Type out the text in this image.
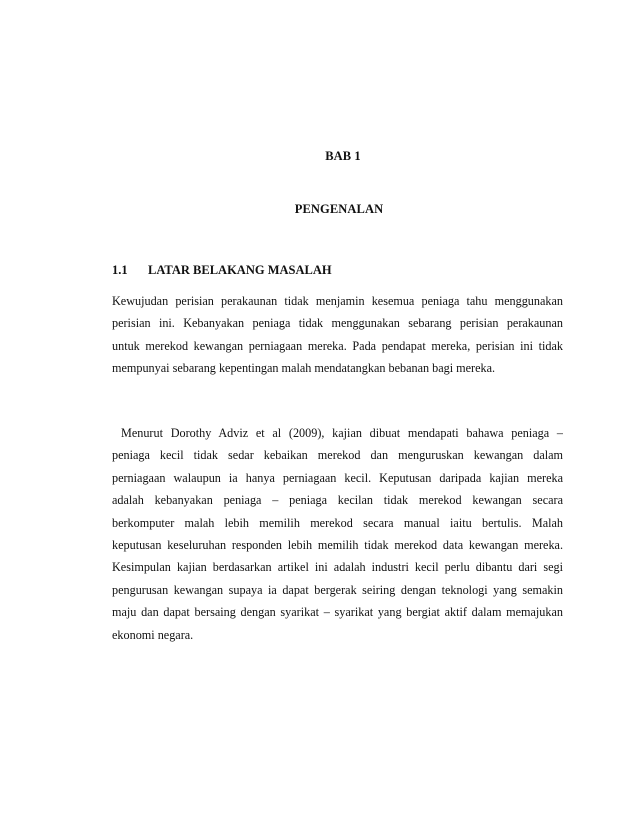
BAB 1
PENGENALAN
1.1 LATAR BELAKANG MASALAH
Kewujudan perisian perakaunan tidak menjamin kesemua peniaga tahu menggunakan
perisian ini. Kebanyakan peniaga tidak menggunakan sebarang perisian perakaunan
untuk merekod kewangan perniagaan mereka. Pada pendapat mereka, perisian ini tidak
mempunyai sebarang kepentingan malah mendatangkan bebanan bagi mereka.
Menurut Dorothy Adviz et al (2009), kajian dibuat mendapati bahawa peniaga –
peniaga kecil tidak sedar kebaikan merekod dan menguruskan kewangan dalam
perniagaan walaupun ia hanya perniagaan kecil. Keputusan daripada kajian mereka
adalah kebanyakan peniaga – peniaga kecilan tidak merekod kewangan secara
berkomputer malah lebih memilih merekod secara manual iaitu bertulis. Malah
keputusan keseluruhan responden lebih memilih tidak merekod data kewangan mereka.
Kesimpulan kajian berdasarkan artikel ini adalah industri kecil perlu dibantu dari segi
pengurusan kewangan supaya ia dapat bergerak seiring dengan teknologi yang semakin
maju dan dapat bersaing dengan syarikat – syarikat yang bergiat aktif dalam memajukan
ekonomi negara.
